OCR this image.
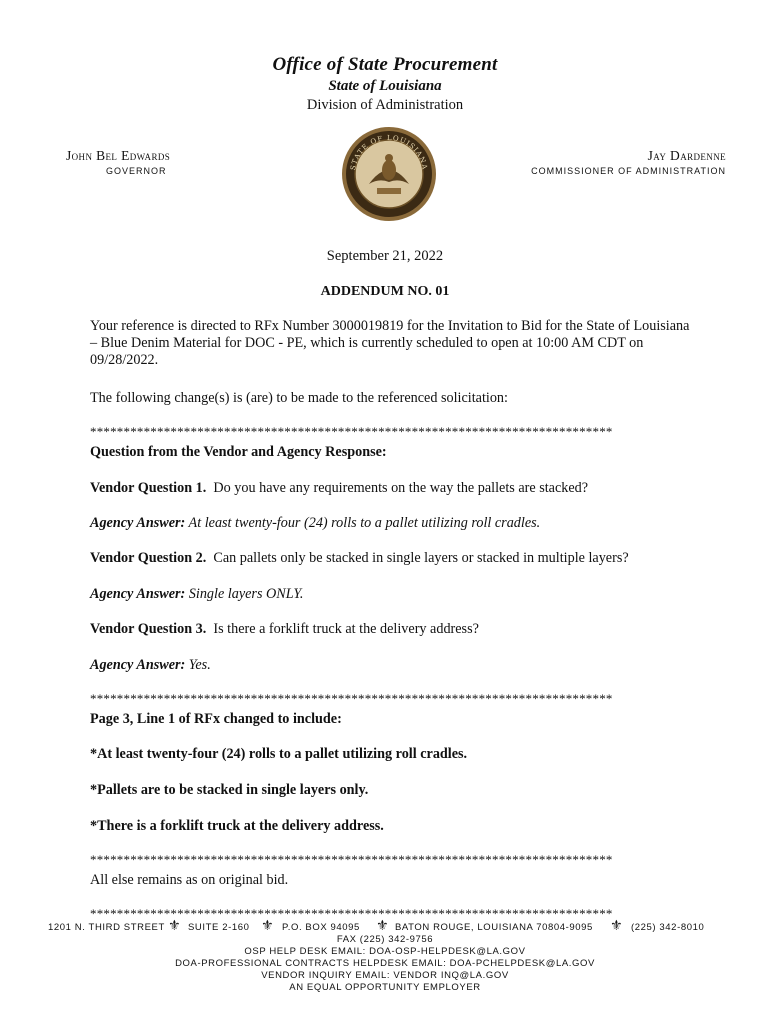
Office of State Procurement
State of Louisiana
Division of Administration
John Bel Edwards
GOVERNOR	STATE OF LOUISIANA
Jay Dardenne
COMMISSIONER OF ADMINISTRATION
September 21, 2022
ADDENDUM NO. 01
Your reference is directed to RFx Number 3000019819 for the Invitation to Bid for the State of Louisiana – Blue Denim Material for DOC - PE, which is currently scheduled to open at 10:00 AM CDT on 09/28/2022.
The following change(s) is (are) to be made to the referenced solicitation:
******************************************************************************
Question from the Vendor and Agency Response:
Vendor Question 1. Do you have any requirements on the way the pallets are stacked?
Agency Answer: At least twenty-four (24) rolls to a pallet utilizing roll cradles.
Vendor Question 2. Can pallets only be stacked in single layers or stacked in multiple layers?
Agency Answer: Single layers ONLY.
Vendor Question 3. Is there a forklift truck at the delivery address?
Agency Answer: Yes.
******************************************************************************
Page 3, Line 1 of RFx changed to include:
*At least twenty-four (24) rolls to a pallet utilizing roll cradles.
*Pallets are to be stacked in single layers only.
*There is a forklift truck at the delivery address.
******************************************************************************
All else remains as on original bid.
******************************************************************************
1201 N. THIRD STREET ⚜ SUITE 2-160 ⚜ P.O. BOX 94095 ⚜ BATON ROUGE, LOUISIANA 70804-9095 ⚜ (225) 342-8010
FAX (225) 342-9756
OSP HELP DESK EMAIL: DOA-OSP-HELPDESK@LA.GOV
DOA-PROFESSIONAL CONTRACTS HELPDESK EMAIL: DOA-PCHELPDESK@LA.GOV
VENDOR INQUIRY EMAIL: VENDOR INQ@LA.GOV
AN EQUAL OPPORTUNITY EMPLOYER
